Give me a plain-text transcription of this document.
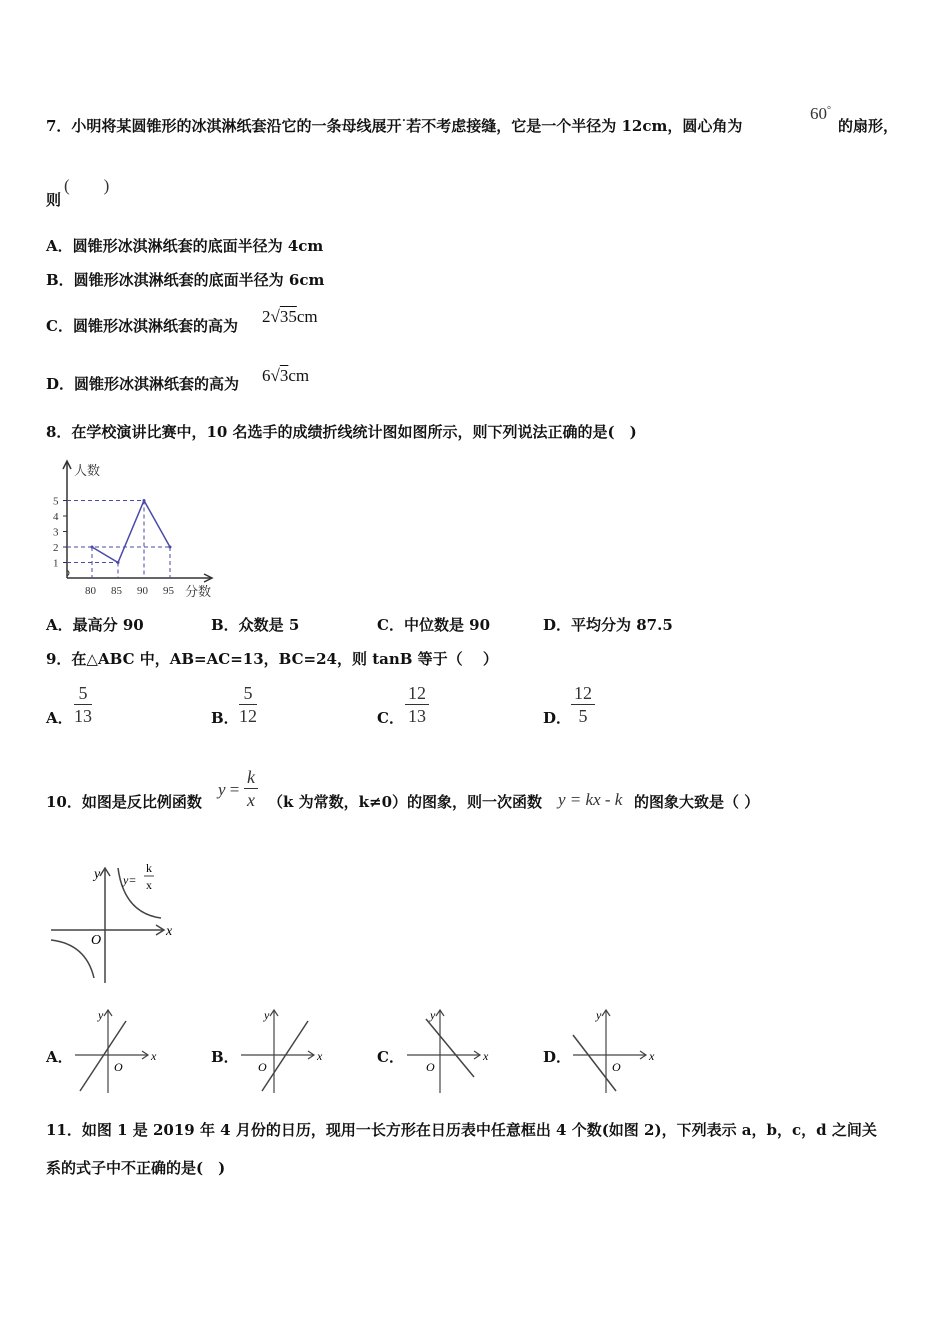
7．小明将某圆锥形的冰淇淋纸套沿它的一条母线展开·若不考虑接缝，它是一个半径为 12cm，圆心角为
60°
的扇形，
则
(　　)
A．圆锥形冰淇淋纸套的底面半径为 4cm
B．圆锥形冰淇淋纸套的底面半径为 6cm
C．圆锥形冰淇淋纸套的高为 2√35cm
D．圆锥形冰淇淋纸套的高为 6√3cm
8．在学校演讲比赛中，10 名选手的成绩折线统计图如图所示，则下列说法正确的是(　)
1
2
3
4
5
80 85 90 95
人数
分数
A．最高分 90	B．众数是 5	C．中位数是 90	D．平均分为 87.5
9．在△ABC 中，AB=AC=13，BC=24，则 tanB 等于（　 ）
A． $\frac{5}{13}$	B． $\frac{5}{12}$	C． $\frac{12}{13}$	D． $\frac{12}{5}$
10．如图是反比例函数
$y = \frac{k}{x} (k$ 为常数，k≠0）的图象，则一次函数 y = kx - k 的图象大致是（ ）
y
x
O
y=
k
x
A．	B．	C．	D．
y
x
O
y
x
O
y
x
O
y
x
O
11．如图 1 是 2019 年 4 月份的日历，现用一长方形在日历表中任意框出 4 个数(如图 2)，下列表示 a，b，c，d 之间关
系的式子中不正确的是(　)
